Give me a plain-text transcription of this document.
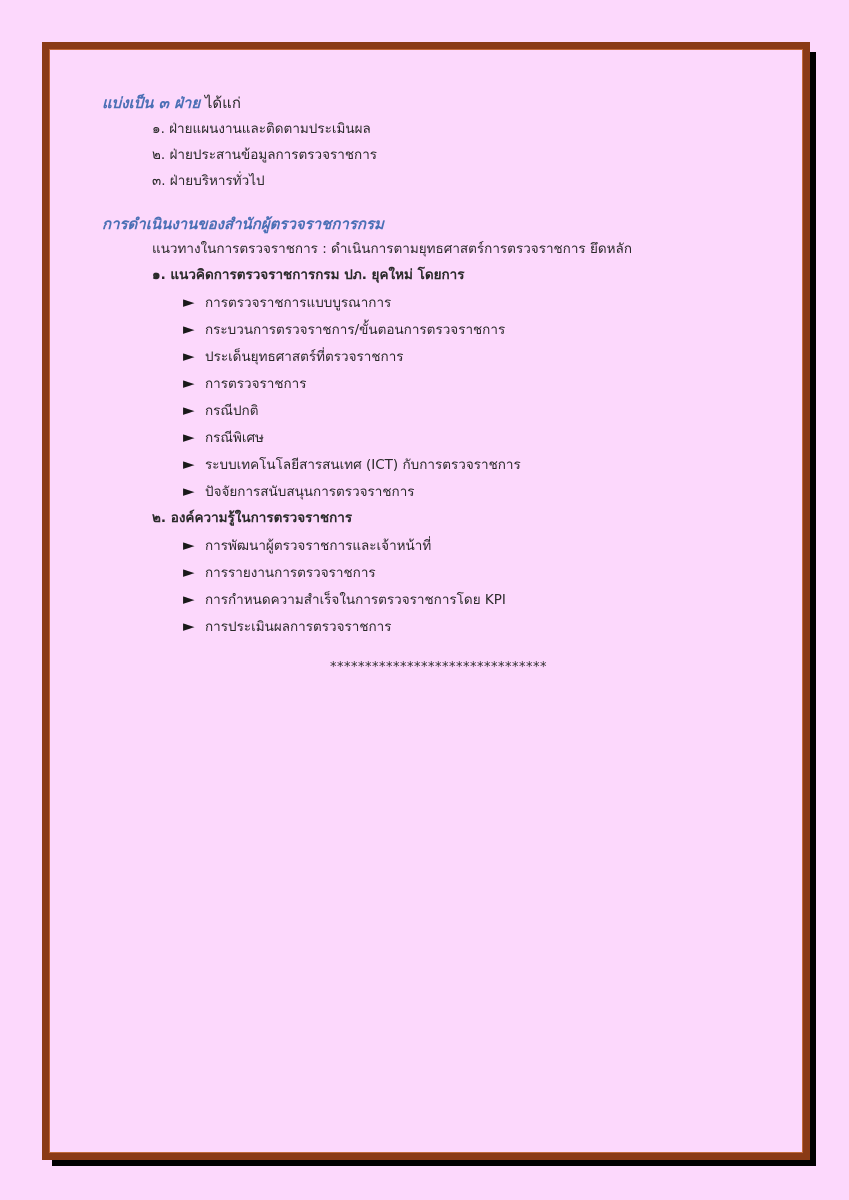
แบ่งเป็น ๓ ฝ่าย ได้แก่
๑. ฝ่ายแผนงานและติดตามประเมินผล
๒. ฝ่ายประสานข้อมูลการตรวจราชการ
๓. ฝ่ายบริหารทั่วไป
การดำเนินงานของสำนักผู้ตรวจราชการกรม
แนวทางในการตรวจราชการ : ดำเนินการตามยุทธศาสตร์การตรวจราชการ ยึดหลัก
๑. แนวคิดการตรวจราชการกรม ปภ. ยุคใหม่ โดยการ
► การตรวจราชการแบบบูรณาการ
► กระบวนการตรวจราชการ/ขั้นตอนการตรวจราชการ
► ประเด็นยุทธศาสตร์ที่ตรวจราชการ
► การตรวจราชการ
► กรณีปกติ
► กรณีพิเศษ
► ระบบเทคโนโลยีสารสนเทศ (ICT) กับการตรวจราชการ
► ปัจจัยการสนับสนุนการตรวจราชการ
๒. องค์ความรู้ในการตรวจราชการ
► การพัฒนาผู้ตรวจราชการและเจ้าหน้าที่
► การรายงานการตรวจราชการ
► การกำหนดความสำเร็จในการตรวจราชการโดย KPI
► การประเมินผลการตรวจราชการ
*******************************
